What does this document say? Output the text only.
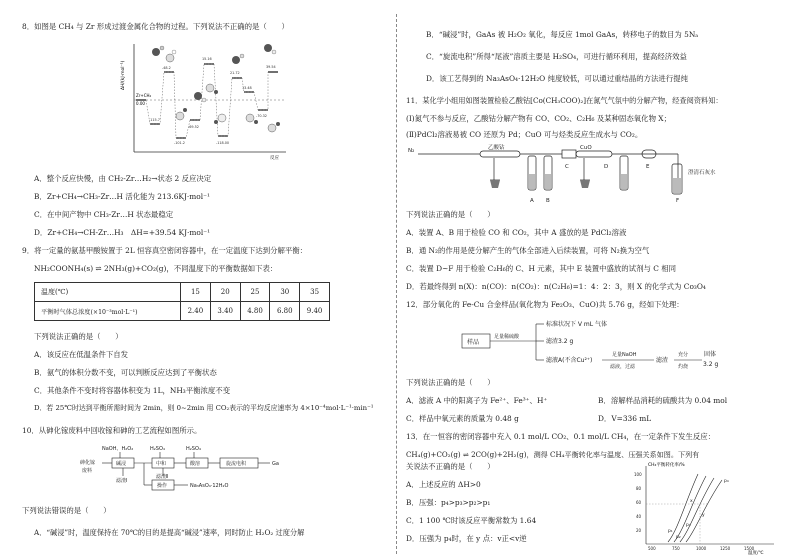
8．如图是 CH₄ 与 Zr 形成过渡金属化合物的过程。下列说法不正确的是（　　）
ΔH/(kJ·mol⁻¹)
反应
Zr+CH₄
0.00
-115.7
-48.2
-101.2
-69.52
15.16
-118.00
21.72
13.48
-70.32
39.54
A．整个反应快慢，由 CH₂-Zr…H₂→状态 2 反应决定
B．Zr+CH₄→CH₃-Zr…H 活化能为 213.6KJ·mol⁻¹
C．在中间产物中 CH₃-Zr…H 状态最稳定
D．Zr+CH₄→CH-Zr…H₃　ΔH=+39.54 KJ·mol⁻¹
9．将一定量的氨基甲酸铵置于 2L 恒容真空密闭容器中，在一定温度下达到分解平衡：
NH₂COONH₄(s) ⇌ 2NH₃(g)+CO₂(g)，不同温度下的平衡数据如下表：
温度(℃)	15	20	25	30	35
平衡时气体总浓度(×10⁻³mol·L⁻¹)	2.40	3.40	4.80	6.80	9.40
下列说法正确的是（　　）
A．该反应在低温条件下自发
B．氨气的体积分数不变，可以判断反应达到了平衡状态
C．其他条件不变时将容器体积变为 1L，NH₃平衡浓度不变
D．若 25℃时达到平衡所需时间为 2min，则 0~2min 用 CO₂表示的平均反应速率为 4×10⁻⁴mol·L⁻¹·min⁻¹
10．从砷化镓废料中回收镓和砷的工艺流程如图所示。
NaOH、H₂O₂	H₂SO₄	H₂SO₄
砷化镓
废料
碱浸	中和	酸溶	旋流电积	Ga
滤渣Ⅰ
滤渣Ⅱ
操作	Na₃AsO₄·12H₂O
下列说法错误的是（　　）
A．“碱浸”时，温度保持在 70℃的目的是提高“碱浸”速率，同时防止 H₂O₂ 过度分解
B．“碱浸”时，GaAs 被 H₂O₂ 氧化，每反应 1mol GaAs，转移电子的数目为 5Nₐ
C．“旋流电积”所得“尾液”溶质主要是 H₂SO₄，可进行循环利用，提高经济效益
D．该工艺得到的 Na₃AsO₄·12H₂O 纯度较低，可以通过重结晶的方法进行提纯
11．某化学小组用如图装置检验乙酸钴[Co(CH₃COO)₂]在氮气气氛中的分解产物，经查阅资料知：
(Ⅰ)氮气不参与反应，乙酸钴分解产物有 CO、CO₂、C₂H₆ 及某种固态氧化物 X；
(Ⅱ)PdCl₂溶液易被 CO 还原为 Pd；CuO 可与烃类反应生成水与 CO₂。
N₂	乙酸钴	CuO
A B
C	D	E
F
澄清石灰水
下列说法正确的是（　　）
A．装置 A、B 用于检验 CO 和 CO₂，其中 A 盛放的是 PdCl₂溶液
B．通 N₂的作用是使分解产生的气体全部进入后续装置，可将 N₂换为空气
C．装置 D~F 用于检验 C₂H₆的 C、H 元素，其中 E 装置中盛放的试剂与 C 相同
D．若最终得到 n(X)：n(CO)：n(CO₂)：n(C₂H₆)=1：4：2：3，则 X 的化学式为 Co₃O₄
12．部分氧化的 Fe-Cu 合金样品(氧化物为 Fe₂O₃、CuO)共 5.76 g，经如下处理：
样品
足量稀硫酸
标准状况下 V mL 气体
滤渣3.2 g
滤液A(不含Cu²⁺)
足量NaOH
滤液，过滤
滤渣
充分
灼烧
固体
3.2 g
下列说法正确的是（　　）
A．滤液 A 中的阳离子为 Fe²⁺、Fe³⁺、H⁺	B．溶解样品消耗的硫酸共为 0.04 mol
C．样品中氧元素的质量为 0.48 g	D．V=336 mL
13．在一恒容的密闭容器中充入 0.1 mol/L CO₂、0.1 mol/L CH₄，在一定条件下发生反应：
CH₄(g)+CO₂(g) ⇌ 2CO(g)+2H₂(g)，测得 CH₄平衡转化率与温度、压强关系如图。下列有
关说法不正确的是（　　）
A．上述反应的 ΔH>0
B．压强：p₄>p₃>p₂>p₁
C．1 100 ℃时该反应平衡常数为 1.64
D．压强为 p₄时，在 y 点：v正<v逆
CH₄平衡转化率/%
温度/℃
100
80
60
40
20
500	750	1000	1250	1500
x
y
p₁
p₂
p₃
p₄
